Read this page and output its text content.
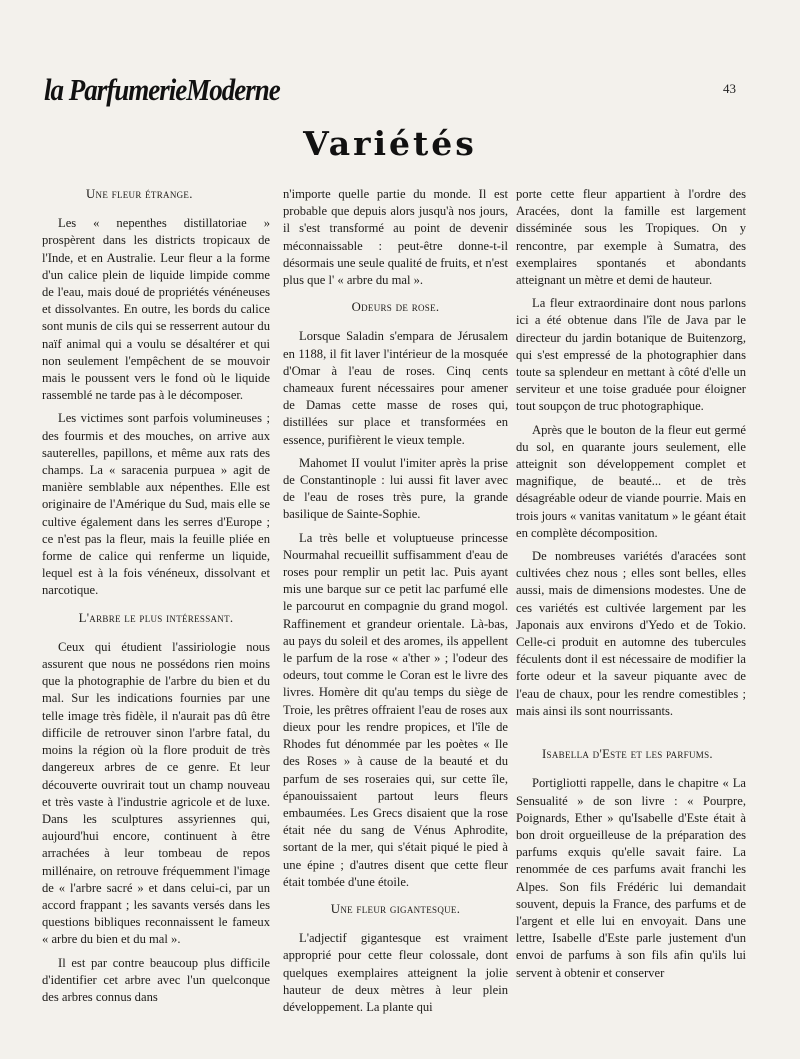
la ParfumerieModerne	43
Variétés
Une fleur étrange.

Les « nepenthes distillatoriae » prospèrent dans les districts tropicaux de l'Inde, et en Australie. Leur fleur a la forme d'un calice plein de liquide limpide comme de l'eau, mais doué de propriétés vénéneuses et dissolvantes. En outre, les bords du calice sont munis de cils qui se resserrent autour du naïf animal qui a voulu se désaltérer et qui non seulement l'empêchent de se mouvoir mais le poussent vers le fond où le liquide rassemblé ne tarde pas à le décomposer.

Les victimes sont parfois volumineuses ; des fourmis et des mouches, on arrive aux sauterelles, papillons, et même aux rats des champs. La « saracenia purpuea » agit de manière semblable aux népenthes. Elle est originaire de l'Amérique du Sud, mais elle se cultive également dans les serres d'Europe ; ce n'est pas la fleur, mais la feuille pliée en forme de calice qui renferme un liquide, lequel est à la fois vénéneux, dissolvant et narcotique.

L'arbre le plus intéressant.

Ceux qui étudient l'assiriologie nous assurent que nous ne possédons rien moins que la photographie de l'arbre du bien et du mal. Sur les indications fournies par une telle image très fidèle, il n'aurait pas dû être difficile de retrouver sinon l'arbre fatal, du moins la région où la flore produit de très dangereux arbres de ce genre. Et leur découverte ouvrirait tout un champ nouveau et très vaste à l'industrie agricole et de luxe. Dans les sculptures assyriennes qui, aujourd'hui encore, continuent à être arrachées à leur tombeau de repos millénaire, on retrouve fréquemment l'image de « l'arbre sacré » et dans celui-ci, par un accord frappant ; les savants versés dans les questions bibliques reconnaissent le fameux « arbre du bien et du mal ».

Il est par contre beaucoup plus difficile d'identifier cet arbre avec l'un quelconque des arbres connus dans

n'importe quelle partie du monde. Il est probable que depuis alors jusqu'à nos jours, il s'est transformé au point de devenir méconnaissable : peut-être donne-t-il désormais une seule qualité de fruits, et n'est plus que l' « arbre du mal ».

Odeurs de rose.

Lorsque Saladin s'empara de Jérusalem en 1188, il fit laver l'intérieur de la mosquée d'Omar à l'eau de roses. Cinq cents chameaux furent nécessaires pour amener de Damas cette masse de roses qui, distillées sur place et transformées en essence, purifièrent le vieux temple.

Mahomet II voulut l'imiter après la prise de Constantinople : lui aussi fit laver avec de l'eau de roses très pure, la grande basilique de Sainte-Sophie.

La très belle et voluptueuse princesse Nourmahal recueillit suffisamment d'eau de roses pour remplir un petit lac. Puis ayant mis une barque sur ce petit lac parfumé elle le parcourut en compagnie du grand mogol. Raffinement et grandeur orientale. Là-bas, au pays du soleil et des aromes, ils appellent le parfum de la rose « a'ther » ; l'odeur des odeurs, tout comme le Coran est le livre des livres. Homère dit qu'au temps du siège de Troie, les prêtres offraient l'eau de roses aux dieux pour les rendre propices, et l'île de Rhodes fut dénommée par les poètes « Ile des Roses » à cause de la beauté et du parfum de ses roseraies qui, sur cette île, épanouissaient partout leurs fleurs embaumées. Les Grecs disaient que la rose était née du sang de Vénus Aphrodite, sortant de la mer, qui s'était piqué le pied à une épine ; d'autres disent que cette fleur était tombée d'une étoile.

Une fleur gigantesque.

L'adjectif gigantesque est vraiment approprié pour cette fleur colossale, dont quelques exemplaires atteignent la jolie hauteur de deux mètres à leur plein développement. La plante qui

porte cette fleur appartient à l'ordre des Aracées, dont la famille est largement disséminée sous les Tropiques. On y rencontre, par exemple à Sumatra, des exemplaires spontanés et abondants atteignant un mètre et demi de hauteur.

La fleur extraordinaire dont nous parlons ici a été obtenue dans l'île de Java par le directeur du jardin botanique de Buitenzorg, qui s'est empressé de la photographier dans toute sa splendeur en mettant à côté d'elle un serviteur et une toise graduée pour éloigner tout soupçon de truc photographique.

Après que le bouton de la fleur eut germé du sol, en quarante jours seulement, elle atteignit son développement complet et magnifique, de beauté... et de très désagréable odeur de viande pourrie. Mais en trois jours « vanitas vanitatum » le géant était en complète décomposition.

De nombreuses variétés d'aracées sont cultivées chez nous ; elles sont belles, elles aussi, mais de dimensions modestes. Une de ces variétés est cultivée largement par les Japonais aux environs d'Yedo et de Tokio. Celle-ci produit en automne des tubercules féculents dont il est nécessaire de modifier la forte odeur et la saveur piquante avec de l'eau de chaux, pour les rendre comestibles ; mais ainsi ils sont nourrissants.

Isabella d'Este et les parfums.

Portigliotti rappelle, dans le chapitre « La Sensualité » de son livre : « Pourpre, Poignards, Ether » qu'Isabelle d'Este était à bon droit orgueilleuse de la préparation des parfums exquis qu'elle savait faire. La renommée de ces parfums avait franchi les Alpes. Son fils Frédéric lui demandait souvent, depuis la France, des parfums et de l'argent et elle lui en envoyait. Dans une lettre, Isabelle d'Este parle justement d'un envoi de parfums à son fils afin qu'ils lui servent à obtenir et conserver
